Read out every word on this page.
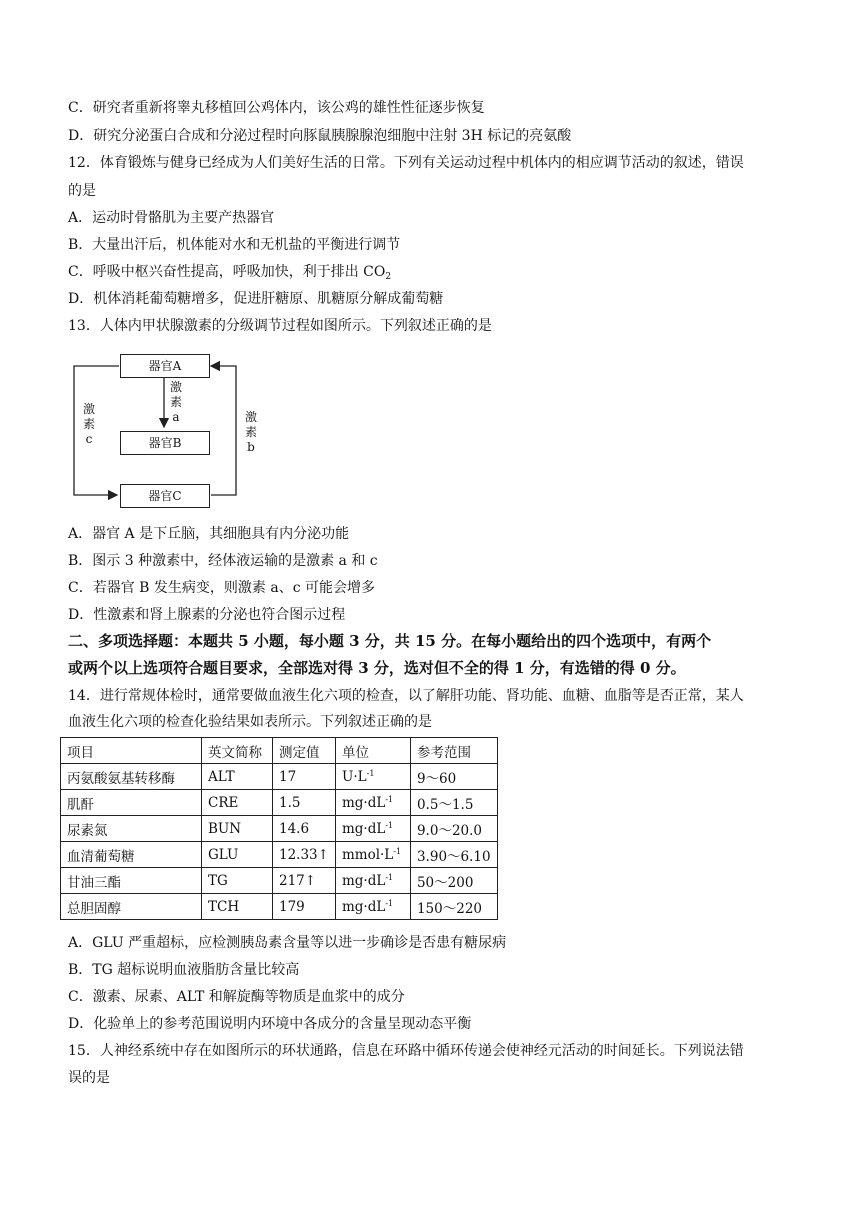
C．研究者重新将睾丸移植回公鸡体内，该公鸡的雄性性征逐步恢复
D．研究分泌蛋白合成和分泌过程时向豚鼠胰腺腺泡细胞中注射 3H 标记的亮氨酸
12．体育锻炼与健身已经成为人们美好生活的日常。下列有关运动过程中机体内的相应调节活动的叙述，错误
的是
A．运动时骨骼肌为主要产热器官
B．大量出汗后，机体能对水和无机盐的平衡进行调节
C．呼吸中枢兴奋性提高，呼吸加快，利于排出 $CO_2$
D．机体消耗葡萄糖增多，促进肝糖原、肌糖原分解成葡萄糖
13．人体内甲状腺激素的分级调节过程如图所示。下列叙述正确的是
器官A
器官B
器官C
激
素
a	激
素
b
激
素
c
A．器官 A 是下丘脑，其细胞具有内分泌功能
B．图示 3 种激素中，经体液运输的是激素 a 和 c
C．若器官 B 发生病变，则激素 a、c 可能会增多
D．性激素和肾上腺素的分泌也符合图示过程
二、多项选择题：本题共 5 小题，每小题 3 分，共 15 分。在每小题给出的四个选项中，有两个
或两个以上选项符合题目要求，全部选对得 3 分，选对但不全的得 1 分，有选错的得 0 分。
14．进行常规体检时，通常要做血液生化六项的检查，以了解肝功能、肾功能、血糖、血脂等是否正常，某人
血液生化六项的检查化验结果如表所示。下列叙述正确的是
项目	英文简称	测定值	单位	参考范围
丙氨酸氨基转移酶	ALT	17	$U\cdot L^{-1}$	9～60
肌酐	CRE	1.5	$mg\cdot dL^{-1}$	0.5～1.5
尿素氮	BUN	14.6	$mg\cdot dL^{-1}$	9.0～20.0
血清葡萄糖	GLU	12.33↑	$mmol\cdot L^{-1}$	3.90～6.10
甘油三酯	TG	217↑	$mg\cdot dL^{-1}$	50～200
总胆固醇	TCH	179	$mg\cdot dL^{-1}$	150～220
A．GLU 严重超标，应检测胰岛素含量等以进一步确诊是否患有糖尿病
B．TG 超标说明血液脂肪含量比较高
C．激素、尿素、ALT 和解旋酶等物质是血浆中的成分
D．化验单上的参考范围说明内环境中各成分的含量呈现动态平衡
15．人神经系统中存在如图所示的环状通路，信息在环路中循环传递会使神经元活动的时间延长。下列说法错
误的是
